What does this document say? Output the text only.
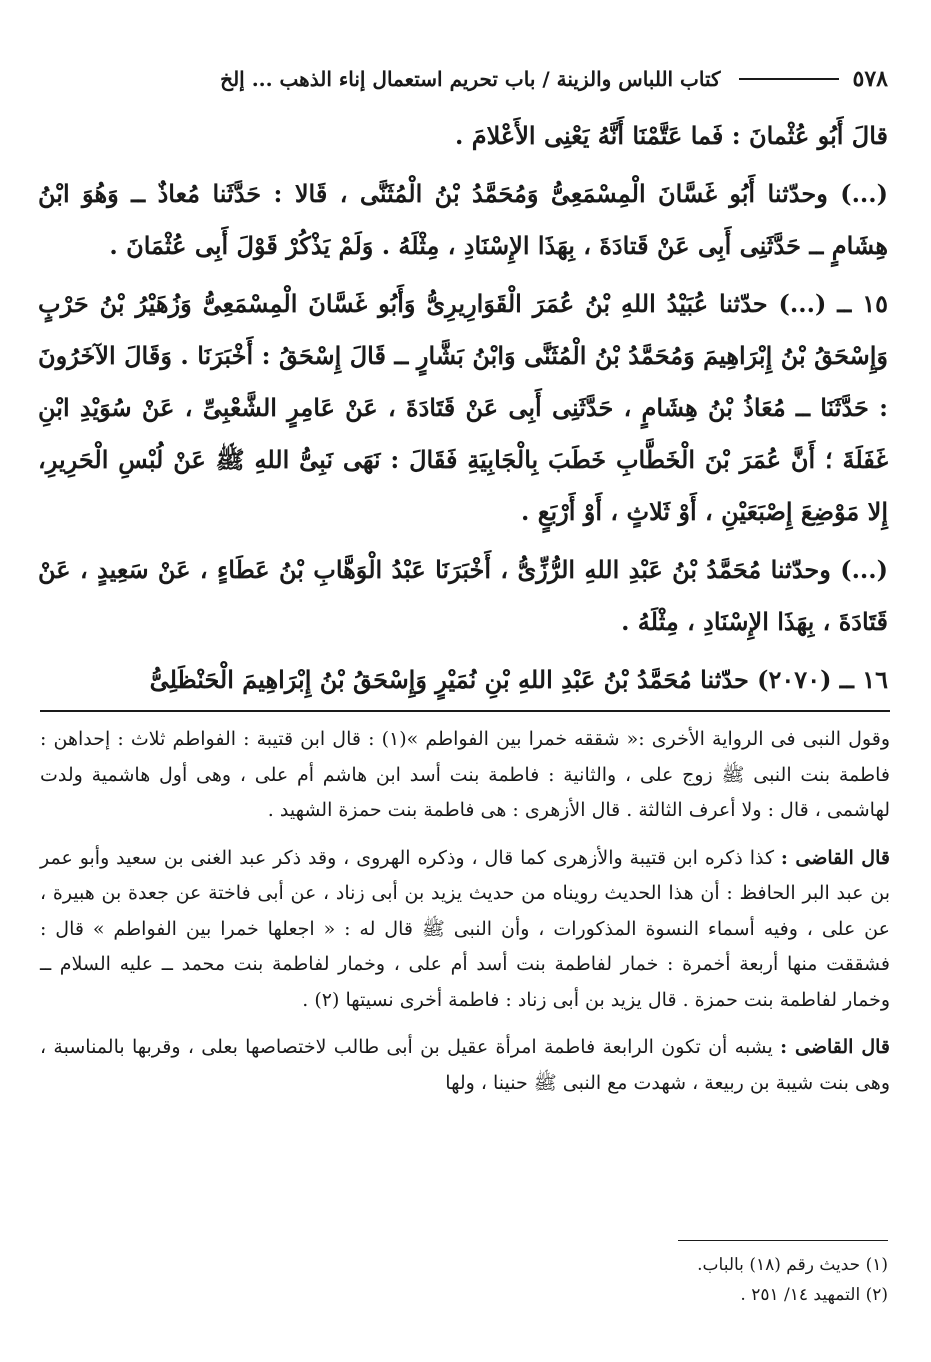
٥٧٨
كتاب اللباس والزينة / باب تحريم استعمال إناء الذهب ... إلخ

قالَ أَبُو عُثْمانَ : فَما عَتَّمْنَا أَنَّهُ يَعْنِى الأَعْلامَ .

(...) وحدّثنا أَبُو غَسَّانَ الْمِسْمَعِىُّ وَمُحَمَّدُ بْنُ الْمُثَنَّى ، قَالا : حَدَّثَنا مُعاذٌ ــ وَهُوَ ابْنُ هِشَامٍ ــ حَدَّثَنِى أَبِى عَنْ قَتادَةَ ، بِهَذَا الإِسْنَادِ ، مِثْلَهُ . وَلَمْ يَذْكُرْ قَوْلَ أَبِى عُثْمَانَ .

١٥ ــ (...) حدّثنا عُبَيْدُ اللهِ بْنُ عُمَرَ الْقَوَارِيرِىُّ وَأَبُو غَسَّانَ الْمِسْمَعِىُّ وَزُهَيْرُ بْنُ حَرْبٍ وَإِسْحَقُ بْنُ إِبْرَاهِيمَ وَمُحَمَّدُ بْنُ الْمُثَنَّى وَابْنُ بَشَّارٍ ــ قَالَ إِسْحَقُ : أَخْبَرَنَا . وَقَالَ الآخَرُونَ : حَدَّثَنَا ــ مُعَاذُ بْنُ هِشَامٍ ، حَدَّثَنِى أَبِى عَنْ قَتَادَةَ ، عَنْ عَامِرٍ الشَّعْبِىِّ ، عَنْ سُوَيْدِ ابْنِ غَفَلَةَ ؛ أَنَّ عُمَرَ بْنَ الْخَطَّابِ خَطَبَ بِالْجَابِيَةِ فَقَالَ : نَهَى نَبِىُّ اللهِ ﷺ عَنْ لُبْسِ الْحَرِيرِ، إِلا مَوْضِعَ إِصْبَعَيْنِ ، أَوْ ثَلاثٍ ، أَوْ أَرْبَعٍ .

(...) وحدّثنا مُحَمَّدُ بْنُ عَبْدِ اللهِ الرُّزِّىُّ ، أَخْبَرَنَا عَبْدُ الْوَهَّابِ بْنُ عَطَاءٍ ، عَنْ سَعِيدٍ ، عَنْ قَتَادَةَ ، بِهَذَا الإِسْنَادِ ، مِثْلَهُ .

١٦ ــ (٢٠٧٠) حدّثنا مُحَمَّدُ بْنُ عَبْدِ اللهِ بْنِ نُمَيْرٍ وَإِسْحَقُ بْنُ إِبْرَاهِيمَ الْحَنْظَلِىُّ

وقول النبى فى الرواية الأخرى :« شققه خمرا بين الفواطم »(١) : قال ابن قتيبة : الفواطم ثلاث : إحداهن : فاطمة بنت النبى ﷺ زوج على ، والثانية : فاطمة بنت أسد ابن هاشم أم على ، وهى أول هاشمية ولدت لهاشمى ، قال : ولا أعرف الثالثة . قال الأزهرى : هى فاطمة بنت حمزة الشهيد .

قال القاضى : كذا ذكره ابن قتيبة والأزهرى كما قال ، وذكره الهروى ، وقد ذكر عبد الغنى بن سعيد وأبو عمر بن عبد البر الحافظ : أن هذا الحديث رويناه من حديث يزيد بن أبى زناد ، عن أبى فاختة عن جعدة بن هبيرة ، عن على ، وفيه أسماء النسوة المذكورات ، وأن النبى ﷺ قال له : « اجعلها خمرا بين الفواطم » قال : فشققت منها أربعة أخمرة : خمار لفاطمة بنت أسد أم على ، وخمار لفاطمة بنت محمد ــ عليه السلام ــ وخمار لفاطمة بنت حمزة . قال يزيد بن أبى زناد : فاطمة أخرى نسيتها (٢) .

قال القاضى : يشبه أن تكون الرابعة فاطمة امرأة عقيل بن أبى طالب لاختصاصها بعلى ، وقربها بالمناسبة ، وهى بنت شيبة بن ربيعة ، شهدت مع النبى ﷺ حنينا ، ولها

(١) حديث رقم (١٨) بالباب.
(٢) التمهيد ١٤/ ٢٥١ .
